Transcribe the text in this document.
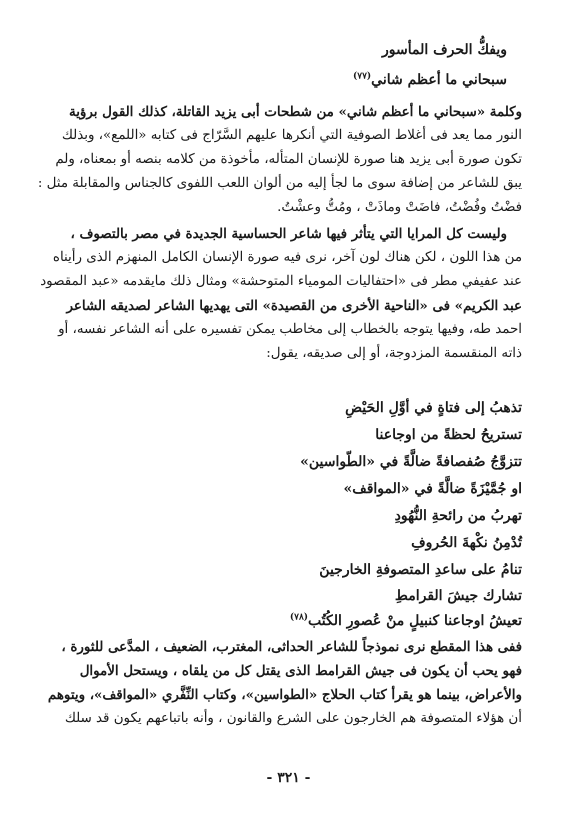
ويفكُّ الحرف المأسور
سبحاني ما أعظم شاني$^{(٧٧)}$
وكلمة «سبحاني ما أعظم شاني» من شطحات أبى يزيد القاتلة، كذلك القول برؤية
النور مما يعد فى أغلاط الصوفية التي أنكرها عليهم السَّرّاج فى كتابه «اللمع»، وبذلك
تكون صورة أبى يزيد هنا صورة للإنسان المتأله، مأخوذة من كلامه بنصه أو بمعناه، ولم
يبق للشاعر من إضافة سوى ما لجأ إليه من ألوان اللعب اللفوى كالجناس والمقابلة مثل :
فضْتُ وفُضْتُ، فاضَتْ وماذَتْ ، ومُتُّ وعشْتُ.
وليست كل المرايا التي يتأثر فيها شاعر الحساسية الجديدة في مصر بالتصوف ،
من هذا اللون ، لكن هناك لون آخر، نرى فيه صورة الإنسان الكامل المنهزم الذى رأيناه
عند عفيفي مطر فى «احتفاليات المومياء المتوحشة» ومثال ذلك مايقدمه «عبد المقصود
عبد الكريم» فى «الناحية الأخرى من القصيدة» التى يهديها الشاعر لصديقه الشاعر
احمد طه، وفيها يتوجه بالخطاب إلى مخاطب يمكن تفسيره على أنه الشاعر نفسه، أو
ذاته المنقسمة المزدوجة، أو إلى صديقه، يقول:
تذهبُ إلى فتاةٍ في أوَّلِ الحَيْضِ
تستريحُ لحظةً من اوجاعنا
تتزوَّجُ صُفصافةً ضالَّةً في «الطّواسين»
او جُمَّيْزَةً ضالَّةً في «المواقف»
تهربُ من رائحةِ النُّهُودِ
تُدْمِنُ نكْهةَ الحُروفِ
تنامُ على ساعدِ المتصوفةِ الخارجينَ
تشارك جيشَ القرامطِ
تعيشُ اوجاعنا كنبيلٍ منْ عُصورِ الكُتُب$^{(٧٨)}$
ففى هذا المقطع نرى نموذجاً للشاعر الحداثى، المغترب، الضعيف ، المدَّعى للثورة ،
فهو يحب أن يكون فى جيش القرامط الذى يقتل كل من يلقاه ، ويستحل الأموال
والأعراض، بينما هو يقرأ كتاب الحلاج «الطواسين»، وكتاب النِّفَّري «المواقف»، ويتوهم
أن هؤلاء المتصوفة هم الخارجون على الشرع والقانون ، وأنه باتباعهم يكون قد سلك
- ٣٢١ -
